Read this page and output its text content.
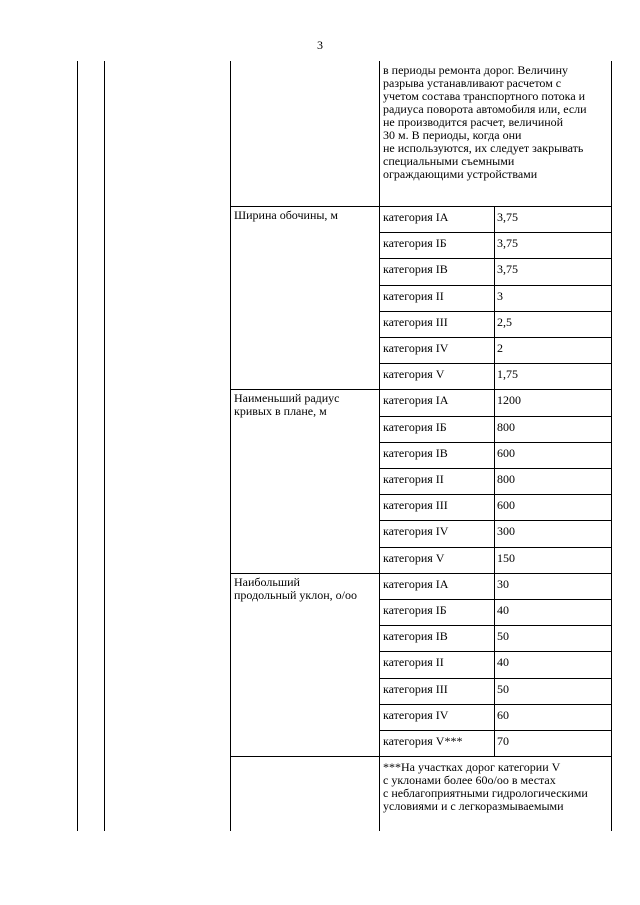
3
в периоды ремонта дорог. Величину
разрыва устанавливают расчетом с
учетом состава транспортного потока и
радиуса поворота автомобиля или, если
не производится расчет, величиной
30 м. В периоды, когда они
не используются, их следует закрывать
специальными съемными
ограждающими устройствами
Ширина обочины, м	категория IA	3,75
категория IБ	3,75
категория IB	3,75
категория II	3
категория III	2,5
категория IV	2
категория V	1,75
Наименьший радиус
кривых в плане, м
категория IA	1200
категория IБ	800
категория IB	600
категория II	800
категория III	600
категория IV	300
категория V	150
Наибольший
продольный уклон, о/оо
категория IA	30
категория IБ	40
категория IB	50
категория II	40
категория III	50
категория IV	60
категория V***	70
***На участках дорог категории V
с уклонами более 60о/оо в местах
с неблагоприятными гидрологическими
условиями и с легкоразмываемыми
